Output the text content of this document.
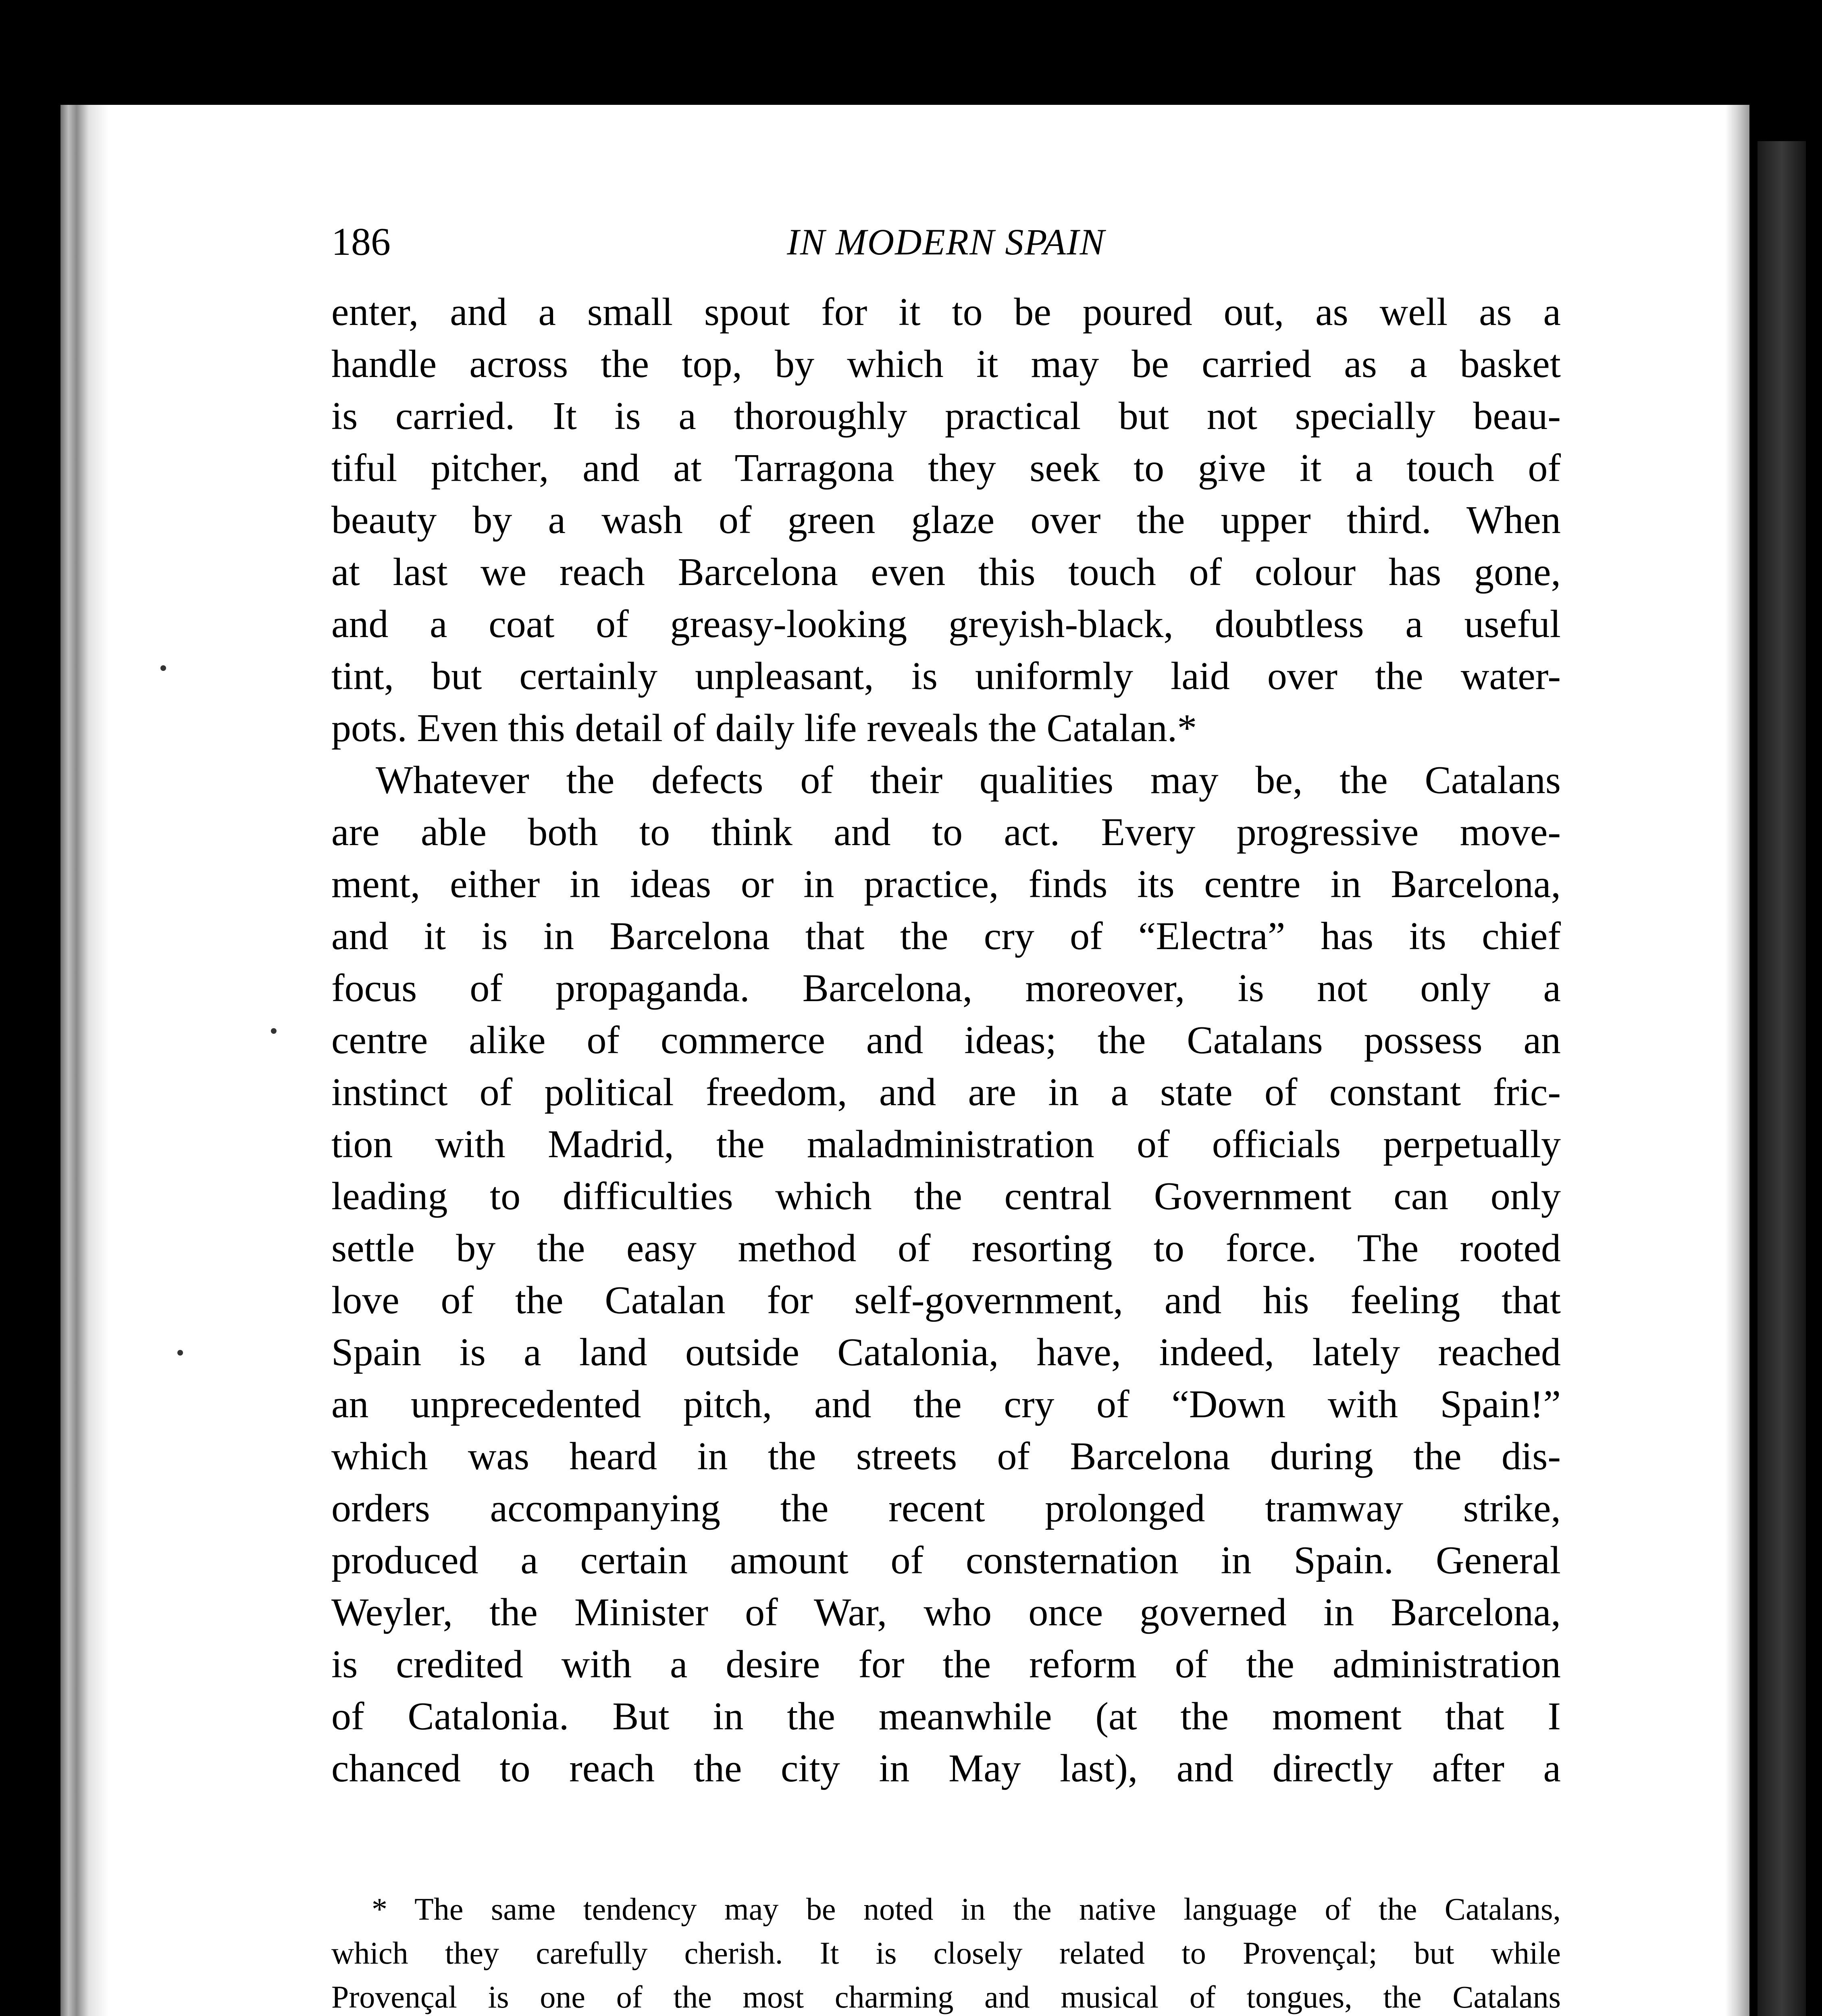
186	IN MODERN SPAIN

enter, and a small spout for it to be poured out, as well as a
handle across the top, by which it may be carried as a basket
is carried. It is a thoroughly practical but not specially beau-
tiful pitcher, and at Tarragona they seek to give it a touch of
beauty by a wash of green glaze over the upper third. When
at last we reach Barcelona even this touch of colour has gone,
and a coat of greasy-looking greyish-black, doubtless a useful
tint, but certainly unpleasant, is uniformly laid over the water-
pots. Even this detail of daily life reveals the Catalan.*

Whatever the defects of their qualities may be, the Catalans
are able both to think and to act. Every progressive move-
ment, either in ideas or in practice, finds its centre in Barcelona,
and it is in Barcelona that the cry of “Electra” has its chief
focus of propaganda. Barcelona, moreover, is not only a
centre alike of commerce and ideas; the Catalans possess an
instinct of political freedom, and are in a state of constant fric-
tion with Madrid, the maladministration of officials perpetually
leading to difficulties which the central Government can only
settle by the easy method of resorting to force. The rooted
love of the Catalan for self-government, and his feeling that
Spain is a land outside Catalonia, have, indeed, lately reached
an unprecedented pitch, and the cry of “Down with Spain!”
which was heard in the streets of Barcelona during the dis-
orders accompanying the recent prolonged tramway strike,
produced a certain amount of consternation in Spain. General
Weyler, the Minister of War, who once governed in Barcelona,
is credited with a desire for the reform of the administration
of Catalonia. But in the meanwhile (at the moment that I
chanced to reach the city in May last), and directly after a

* The same tendency may be noted in the native language of the Catalans,
which they carefully cherish. It is closely related to Provençal; but while
Provençal is one of the most charming and musical of tongues, the Catalans
